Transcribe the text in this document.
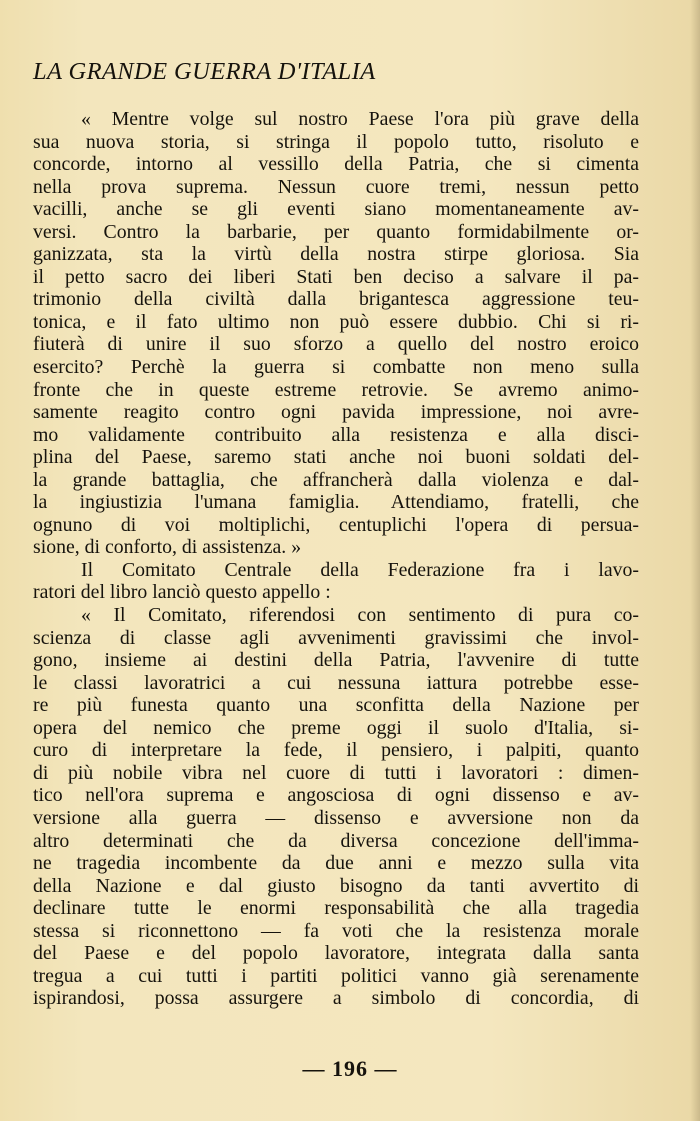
LA GRANDE GUERRA D'ITALIA
« Mentre volge sul nostro Paese l'ora più grave della
sua nuova storia, si stringa il popolo tutto, risoluto e
concorde, intorno al vessillo della Patria, che si cimenta
nella prova suprema. Nessun cuore tremi, nessun petto
vacilli, anche se gli eventi siano momentaneamente av-
versi. Contro la barbarie, per quanto formidabilmente or-
ganizzata, sta la virtù della nostra stirpe gloriosa. Sia
il petto sacro dei liberi Stati ben deciso a salvare il pa-
trimonio della civiltà dalla brigantesca aggressione teu-
tonica, e il fato ultimo non può essere dubbio. Chi si ri-
fiuterà di unire il suo sforzo a quello del nostro eroico
esercito? Perchè la guerra si combatte non meno sulla
fronte che in queste estreme retrovie. Se avremo animo-
samente reagito contro ogni pavida impressione, noi avre-
mo validamente contribuito alla resistenza e alla disci-
plina del Paese, saremo stati anche noi buoni soldati del-
la grande battaglia, che affrancherà dalla violenza e dal-
la ingiustizia l'umana famiglia. Attendiamo, fratelli, che
ognuno di voi moltiplichi, centuplichi l'opera di persua-
sione, di conforto, di assistenza. »
Il Comitato Centrale della Federazione fra i lavo-
ratori del libro lanciò questo appello :
« Il Comitato, riferendosi con sentimento di pura co-
scienza di classe agli avvenimenti gravissimi che invol-
gono, insieme ai destini della Patria, l'avvenire di tutte
le classi lavoratrici a cui nessuna iattura potrebbe esse-
re più funesta quanto una sconfitta della Nazione per
opera del nemico che preme oggi il suolo d'Italia, si-
curo di interpretare la fede, il pensiero, i palpiti, quanto
di più nobile vibra nel cuore di tutti i lavoratori : dimen-
tico nell'ora suprema e angosciosa di ogni dissenso e av-
versione alla guerra — dissenso e avversione non da
altro determinati che da diversa concezione dell'imma-
ne tragedia incombente da due anni e mezzo sulla vita
della Nazione e dal giusto bisogno da tanti avvertito di
declinare tutte le enormi responsabilità che alla tragedia
stessa si riconnettono — fa voti che la resistenza morale
del Paese e del popolo lavoratore, integrata dalla santa
tregua a cui tutti i partiti politici vanno già serenamente
ispirandosi, possa assurgere a simbolo di concordia, di
— 196 —
